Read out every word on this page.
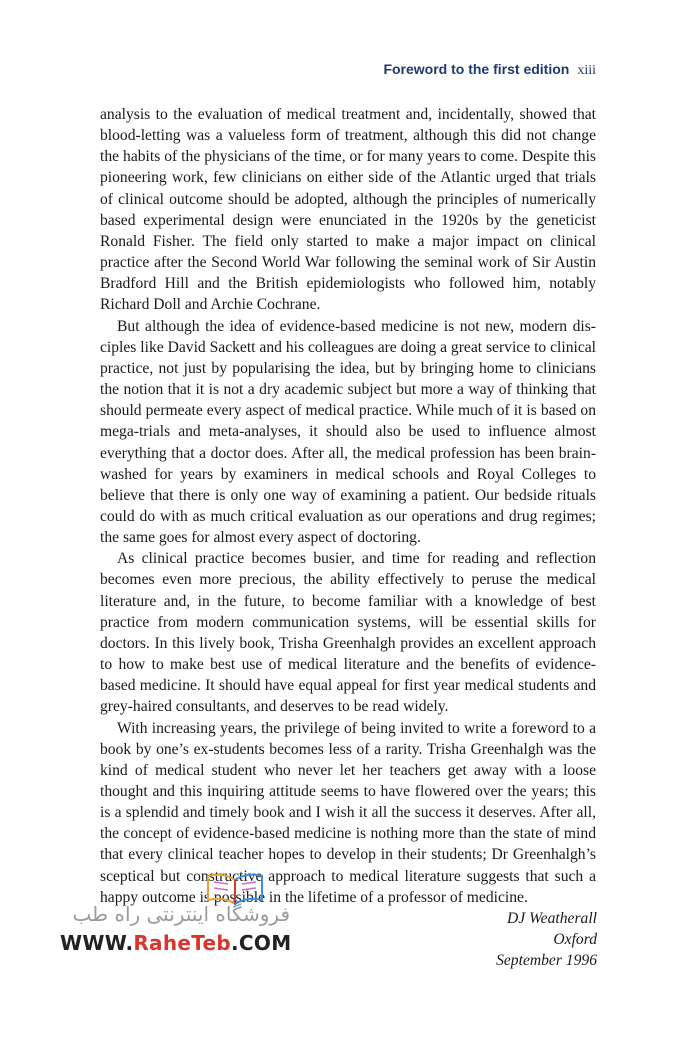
Foreword to the first edition xiii

analysis to the evaluation of medical treatment and, incidentally, showed that blood-letting was a valueless form of treatment, although this did not change the habits of the physicians of the time, or for many years to come. Despite this pioneering work, few clinicians on either side of the Atlantic urged that trials of clinical outcome should be adopted, although the principles of numerically based experimental design were enunciated in the 1920s by the geneticist Ronald Fisher. The field only started to make a major impact on clinical practice after the Second World War following the seminal work of Sir Austin Bradford Hill and the British epidemiologists who followed him, notably Richard Doll and Archie Cochrane.

But although the idea of evidence-based medicine is not new, modern disciples like David Sackett and his colleagues are doing a great service to clinical practice, not just by popularising the idea, but by bringing home to clinicians the notion that it is not a dry academic subject but more a way of thinking that should permeate every aspect of medical practice. While much of it is based on mega-trials and meta-analyses, it should also be used to influence almost everything that a doctor does. After all, the medical profession has been brain-washed for years by examiners in medical schools and Royal Colleges to believe that there is only one way of examining a patient. Our bedside rituals could do with as much critical evaluation as our operations and drug regimes; the same goes for almost every aspect of doctoring.

As clinical practice becomes busier, and time for reading and reflection becomes even more precious, the ability effectively to peruse the medical literature and, in the future, to become familiar with a knowledge of best practice from modern communication systems, will be essential skills for doctors. In this lively book, Trisha Greenhalgh provides an excellent approach to how to make best use of medical literature and the benefits of evidence-based medicine. It should have equal appeal for first year medical students and grey-haired consultants, and deserves to be read widely.

With increasing years, the privilege of being invited to write a foreword to a book by one’s ex-students becomes less of a rarity. Trisha Greenhalgh was the kind of medical student who never let her teachers get away with a loose thought and this inquiring attitude seems to have flowered over the years; this is a splendid and timely book and I wish it all the success it deserves. After all, the concept of evidence-based medicine is nothing more than the state of mind that every clinical teacher hopes to develop in their students; Dr Greenhalgh’s sceptical but constructive approach to medical literature suggests that such a happy outcome is possible in the lifetime of a professor of medicine.

DJ Weatherall
Oxford
September 1996
فروشگاه اینترنتی راه طب
WWW.RaheTeb.COM
